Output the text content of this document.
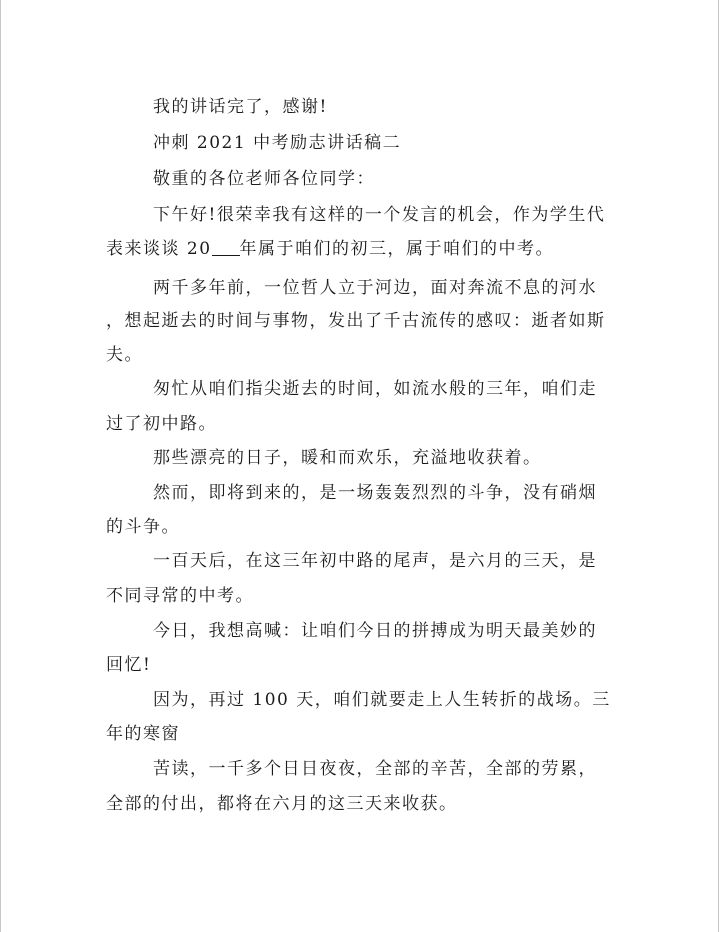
我的讲话完了，感谢!
冲刺 2021 中考励志讲话稿二
敬重的各位老师各位同学：
下午好!很荣幸我有这样的一个发言的机会，作为学生代
表来谈谈 20 年属于咱们的初三，属于咱们的中考。
两千多年前，一位哲人立于河边，面对奔流不息的河水
，想起逝去的时间与事物，发出了千古流传的感叹：逝者如斯
夫。
匆忙从咱们指尖逝去的时间，如流水般的三年，咱们走
过了初中路。
那些漂亮的日子，暖和而欢乐，充溢地收获着。
然而，即将到来的，是一场轰轰烈烈的斗争，没有硝烟
的斗争。
一百天后，在这三年初中路的尾声，是六月的三天，是
不同寻常的中考。
今日，我想高喊：让咱们今日的拼搏成为明天最美妙的
回忆!
因为，再过 100 天，咱们就要走上人生转折的战场。三
年的寒窗
苦读，一千多个日日夜夜，全部的辛苦，全部的劳累，
全部的付出，都将在六月的这三天来收获。
